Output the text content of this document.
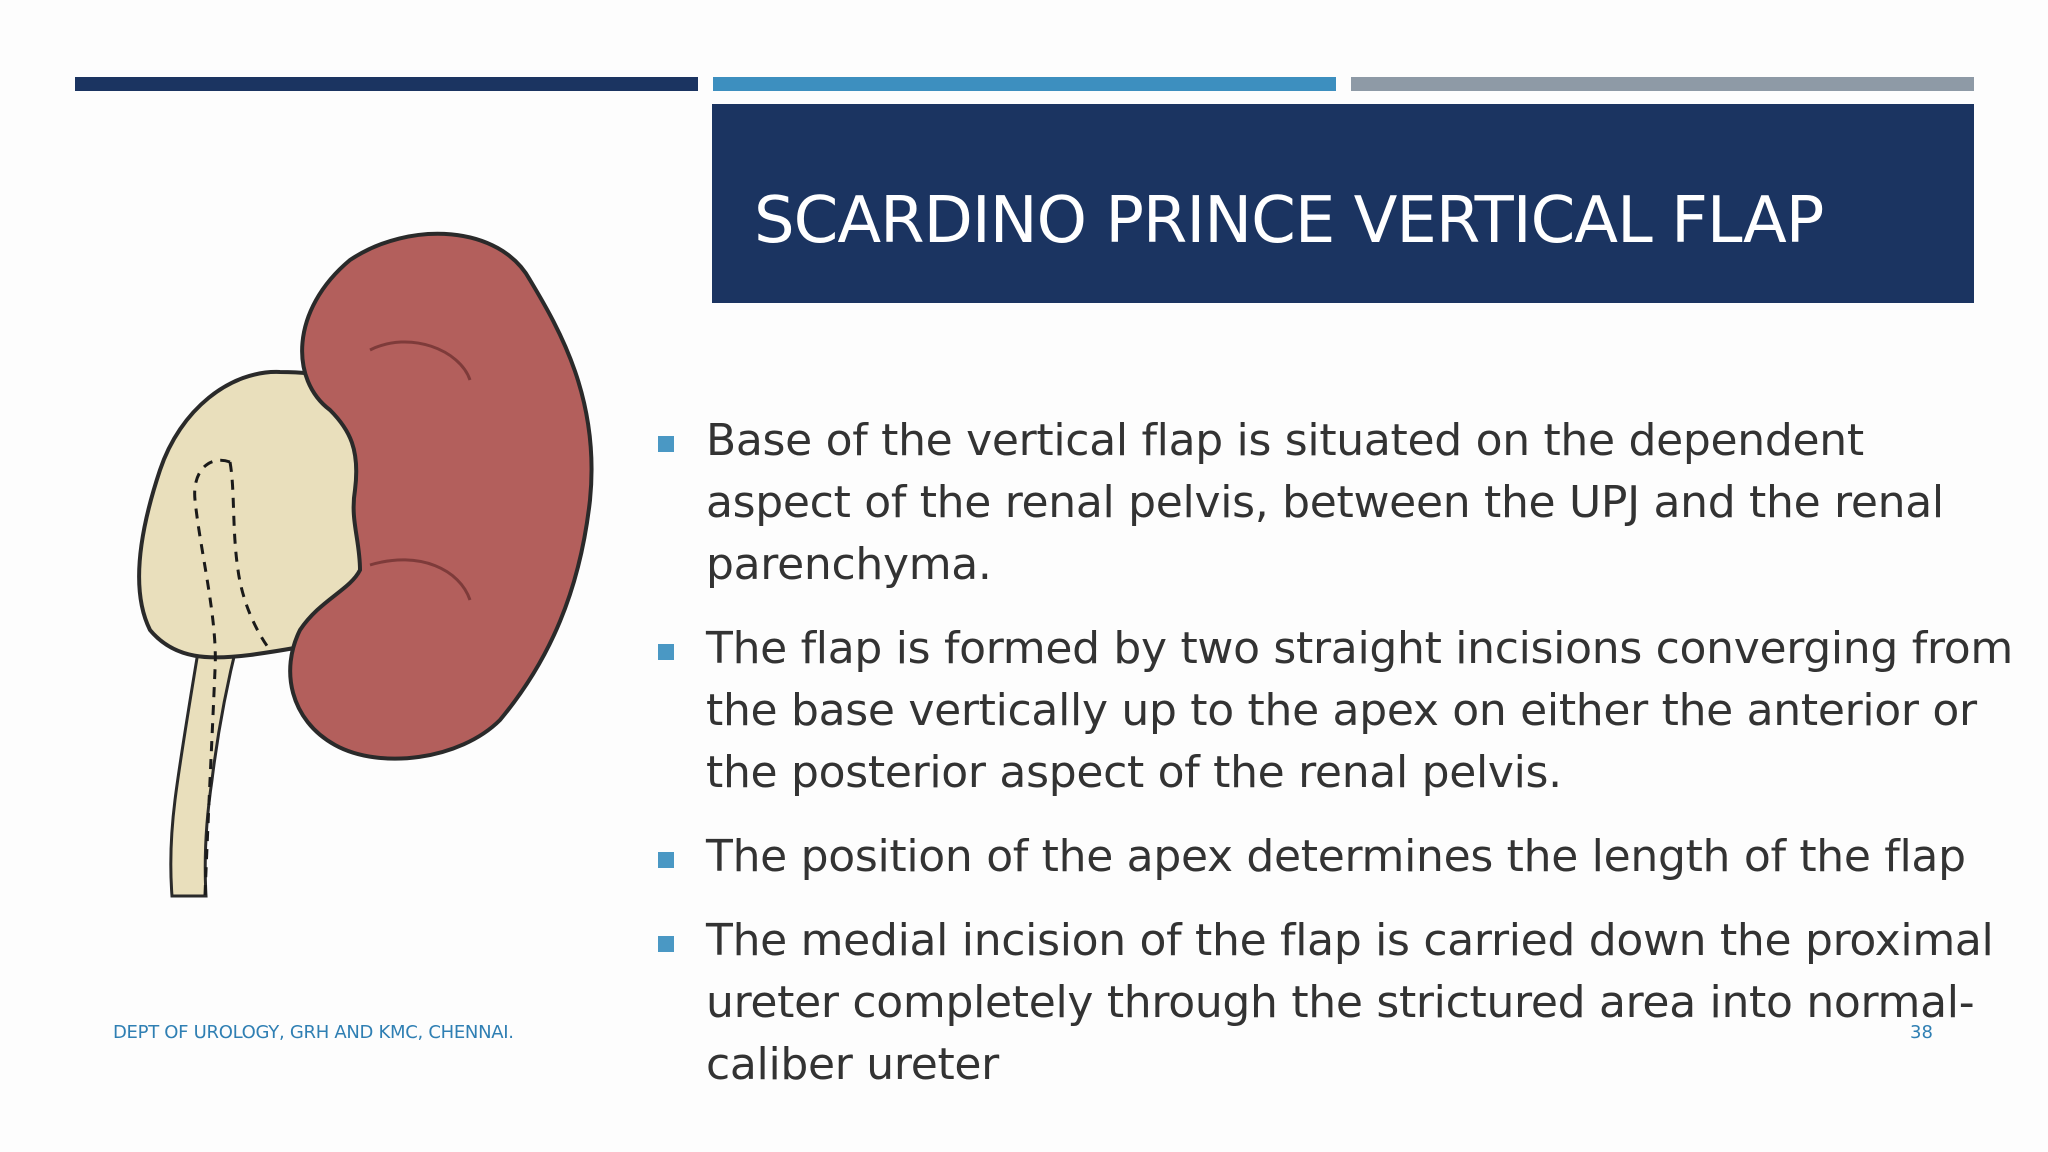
SCARDINO PRINCE VERTICAL FLAP
Base of the vertical flap is situated on the dependent aspect of the renal pelvis, between the UPJ and the renal parenchyma.
The flap is formed by two straight incisions converging from the base vertically up to the apex on either the anterior or the posterior aspect of the renal pelvis.
The position of the apex determines the length of the flap
The medial incision of the flap is carried down the proximal ureter completely through the strictured area into normal-caliber ureter
DEPT OF UROLOGY, GRH AND KMC, CHENNAI.	38
